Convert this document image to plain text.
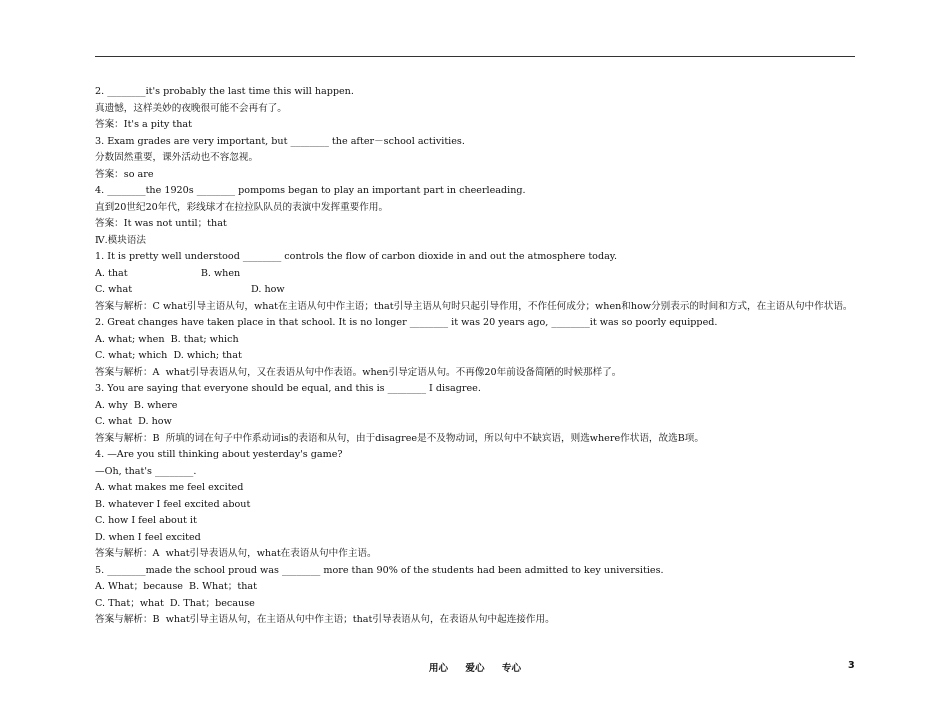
2. ________it's probably the last time this will happen.
真遗憾，这样美妙的夜晚很可能不会再有了。
答案：It's a pity that
3. Exam grades are very important, but ________ the after－school activities.
分数固然重要，课外活动也不容忽视。
答案：so are
4. ________the 1920s ________ pompoms began to play an important part in cheerleading.
直到20世纪20年代，彩线球才在拉拉队队员的表演中发挥重要作用。
答案：It was not until；that
Ⅳ.模块语法
1. It is pretty well understood ________ controls the flow of carbon dioxide in and out the atmosphere today.
A. that                        B. when
C. what                                       D. how
答案与解析：C what引导主语从句，what在主语从句中作主语；that引导主语从句时只起引导作用，不作任何成分；when和how分别表示的时间和方式，在主语从句中作状语。
2. Great changes have taken place in that school. It is no longer ________ it was 20 years ago, ________it was so poorly equipped.
A. what; when  B. that; which
C. what; which  D. which; that
答案与解析：A  what引导表语从句，又在表语从句中作表语。when引导定语从句。不再像20年前设备简陋的时候那样了。
3. You are saying that everyone should be equal, and this is ________ I disagree.
A. why  B. where
C. what  D. how
答案与解析：B  所填的词在句子中作系动词is的表语和从句，由于disagree是不及物动词，所以句中不缺宾语，则选where作状语，故选B项。
4. —Are you still thinking about yesterday's game?
—Oh, that's ________.
A. what makes me feel excited
B. whatever I feel excited about
C. how I feel about it
D. when I feel excited
答案与解析：A  what引导表语从句，what在表语从句中作主语。
5. ________made the school proud was ________ more than 90% of the students had been admitted to key universities.
A. What；because  B. What；that
C. That；what  D. That；because
答案与解析：B  what引导主语从句，在主语从句中作主语；that引导表语从句，在表语从句中起连接作用。
用心 爱心 专心	3
